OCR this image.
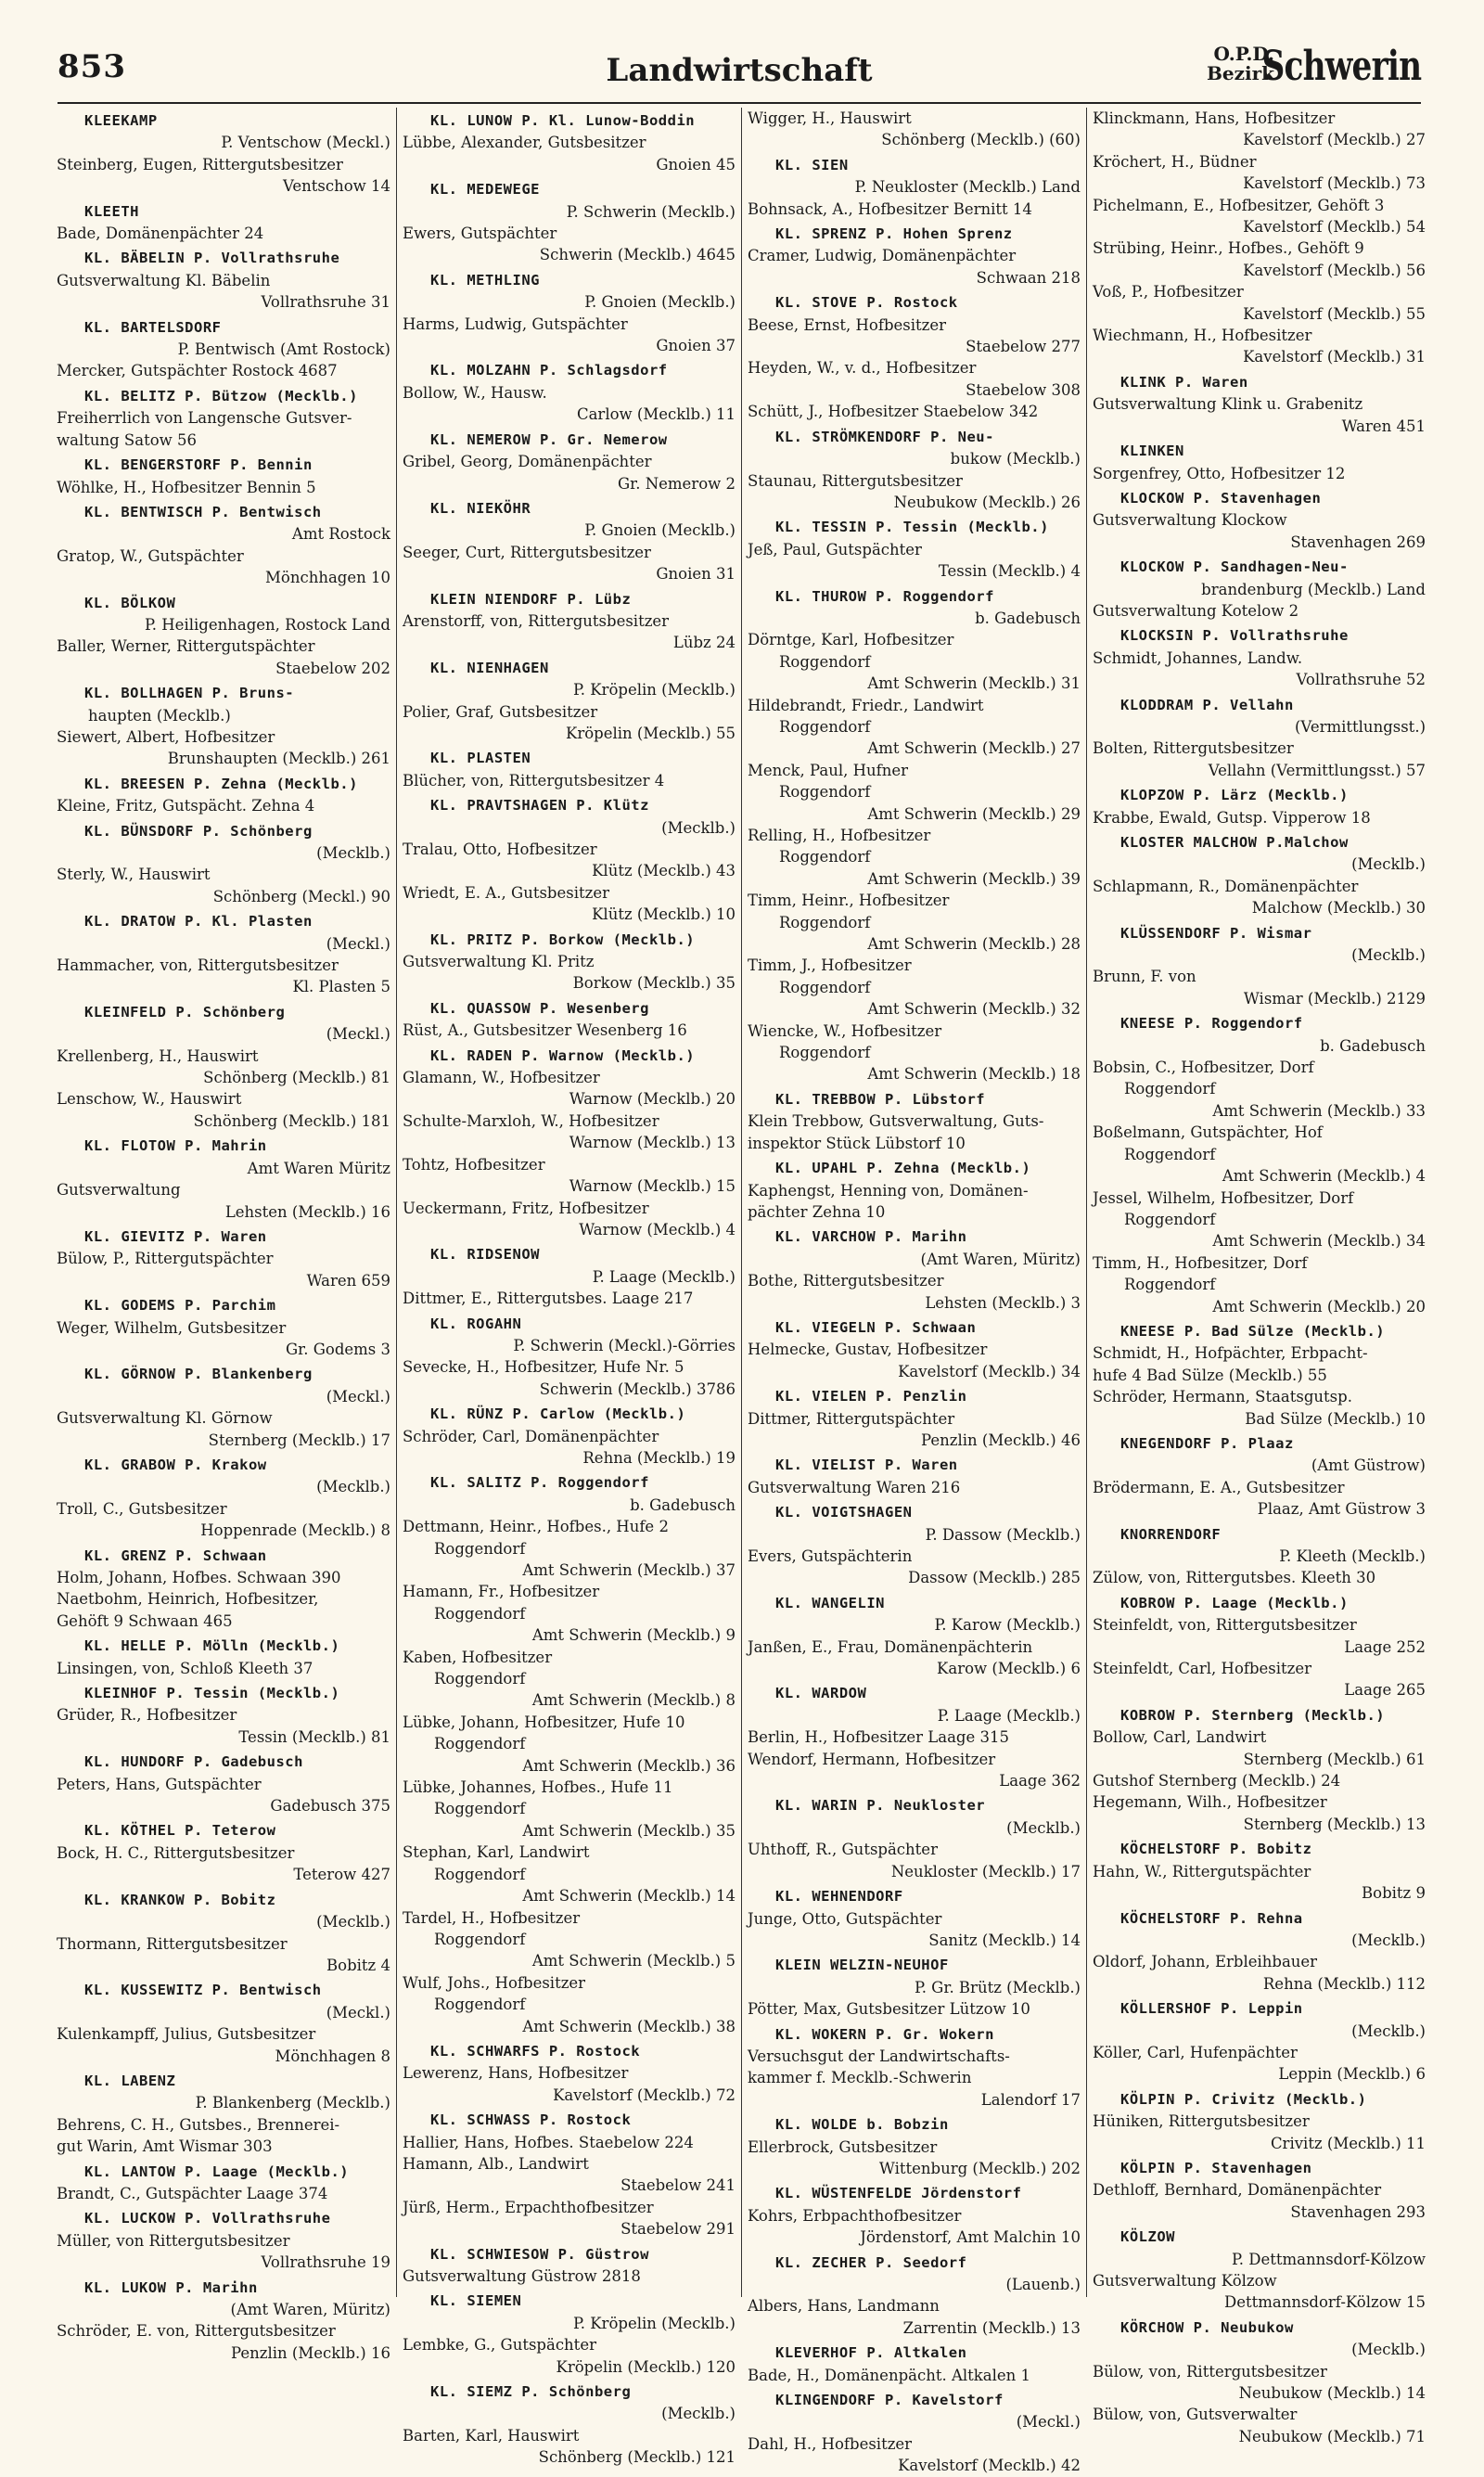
853	Landwirtschaft	O.P.D.
Bezirk
Schwerin
KLEEKAMP
P. Ventschow (Meckl.)
Steinberg, Eugen, Rittergutsbesitzer
Ventschow 14
KLEETH
Bade, Domänenpächter 24
KL. BÄBELIN P. Vollrathsruhe
Gutsverwaltung Kl. Bäbelin
Vollrathsruhe 31
KL. BARTELSDORF
P. Bentwisch (Amt Rostock)
Mercker, Gutspächter Rostock 4687
KL. BELITZ P. Bützow (Mecklb.)
Freiherrlich von Langensche Gutsver-
waltung Satow 56
KL. BENGERSTORF P. Bennin
Wöhlke, H., Hofbesitzer Bennin 5
KL. BENTWISCH P. Bentwisch
Amt Rostock
Gratop, W., Gutspächter
Mönchhagen 10
KL. BÖLKOW
P. Heiligenhagen, Rostock Land
Baller, Werner, Rittergutspächter
Staebelow 202
KL. BOLLHAGEN P. Bruns-
haupten (Mecklb.)
Siewert, Albert, Hofbesitzer
Brunshaupten (Mecklb.) 261
KL. BREESEN P. Zehna (Mecklb.)
Kleine, Fritz, Gutspächt. Zehna 4
KL. BÜNSDORF P. Schönberg
(Mecklb.)
Sterly, W., Hauswirt
Schönberg (Meckl.) 90
KL. DRATOW P. Kl. Plasten
(Meckl.)
Hammacher, von, Rittergutsbesitzer
Kl. Plasten 5
KLEINFELD P. Schönberg
(Meckl.)
Krellenberg, H., Hauswirt
Schönberg (Mecklb.) 81
Lenschow, W., Hauswirt
Schönberg (Mecklb.) 181
KL. FLOTOW P. Mahrin
Amt Waren Müritz
Gutsverwaltung
Lehsten (Mecklb.) 16
KL. GIEVITZ P. Waren
Bülow, P., Rittergutspächter
Waren 659
KL. GODEMS P. Parchim
Weger, Wilhelm, Gutsbesitzer
Gr. Godems 3
KL. GÖRNOW P. Blankenberg
(Meckl.)
Gutsverwaltung Kl. Görnow
Sternberg (Mecklb.) 17
KL. GRABOW P. Krakow
(Mecklb.)
Troll, C., Gutsbesitzer
Hoppenrade (Mecklb.) 8
KL. GRENZ P. Schwaan
Holm, Johann, Hofbes. Schwaan 390
Naetbohm, Heinrich, Hofbesitzer,
Gehöft 9 Schwaan 465
KL. HELLE P. Mölln (Mecklb.)
Linsingen, von, Schloß Kleeth 37
KLEINHOF P. Tessin (Mecklb.)
Grüder, R., Hofbesitzer
Tessin (Mecklb.) 81
KL. HUNDORF P. Gadebusch
Peters, Hans, Gutspächter
Gadebusch 375
KL. KÖTHEL P. Teterow
Bock, H. C., Rittergutsbesitzer
Teterow 427
KL. KRANKOW P. Bobitz
(Mecklb.)
Thormann, Rittergutsbesitzer
Bobitz 4
KL. KUSSEWITZ P. Bentwisch
(Meckl.)
Kulenkampff, Julius, Gutsbesitzer
Mönchhagen 8
KL. LABENZ
P. Blankenberg (Mecklb.)
Behrens, C. H., Gutsbes., Brennerei-
gut Warin, Amt Wismar 303
KL. LANTOW P. Laage (Mecklb.)
Brandt, C., Gutspächter Laage 374
KL. LUCKOW P. Vollrathsruhe
Müller, von Rittergutsbesitzer
Vollrathsruhe 19
KL. LUKOW P. Marihn
(Amt Waren, Müritz)
Schröder, E. von, Rittergutsbesitzer
Penzlin (Mecklb.) 16
KL. LUNOW P. Kl. Lunow-Boddin
Lübbe, Alexander, Gutsbesitzer
Gnoien 45
KL. MEDEWEGE
P. Schwerin (Mecklb.)
Ewers, Gutspächter
Schwerin (Mecklb.) 4645
KL. METHLING
P. Gnoien (Mecklb.)
Harms, Ludwig, Gutspächter
Gnoien 37
KL. MOLZAHN P. Schlagsdorf
Bollow, W., Hausw.
Carlow (Mecklb.) 11
KL. NEMEROW P. Gr. Nemerow
Gribel, Georg, Domänenpächter
Gr. Nemerow 2
KL. NIEKÖHR
P. Gnoien (Mecklb.)
Seeger, Curt, Rittergutsbesitzer
Gnoien 31
KLEIN NIENDORF P. Lübz
Arenstorff, von, Rittergutsbesitzer
Lübz 24
KL. NIENHAGEN
P. Kröpelin (Mecklb.)
Polier, Graf, Gutsbesitzer
Kröpelin (Mecklb.) 55
KL. PLASTEN
Blücher, von, Rittergutsbesitzer 4
KL. PRAVTSHAGEN P. Klütz
(Mecklb.)
Tralau, Otto, Hofbesitzer
Klütz (Mecklb.) 43
Wriedt, E. A., Gutsbesitzer
Klütz (Mecklb.) 10
KL. PRITZ P. Borkow (Mecklb.)
Gutsverwaltung Kl. Pritz
Borkow (Mecklb.) 35
KL. QUASSOW P. Wesenberg
Rüst, A., Gutsbesitzer Wesenberg 16
KL. RADEN P. Warnow (Mecklb.)
Glamann, W., Hofbesitzer
Warnow (Mecklb.) 20
Schulte-Marxloh, W., Hofbesitzer
Warnow (Mecklb.) 13
Tohtz, Hofbesitzer
Warnow (Mecklb.) 15
Ueckermann, Fritz, Hofbesitzer
Warnow (Mecklb.) 4
KL. RIDSENOW
P. Laage (Mecklb.)
Dittmer, E., Rittergutsbes. Laage 217
KL. ROGAHN
P. Schwerin (Meckl.)-Görries
Sevecke, H., Hofbesitzer, Hufe Nr. 5
Schwerin (Mecklb.) 3786
KL. RÜNZ P. Carlow (Mecklb.)
Schröder, Carl, Domänenpächter
Rehna (Mecklb.) 19
KL. SALITZ P. Roggendorf
b. Gadebusch
Dettmann, Heinr., Hofbes., Hufe 2
Roggendorf
Amt Schwerin (Mecklb.) 37
Hamann, Fr., Hofbesitzer
Roggendorf
Amt Schwerin (Mecklb.) 9
Kaben, Hofbesitzer
Roggendorf
Amt Schwerin (Mecklb.) 8
Lübke, Johann, Hofbesitzer, Hufe 10
Roggendorf
Amt Schwerin (Mecklb.) 36
Lübke, Johannes, Hofbes., Hufe 11
Roggendorf
Amt Schwerin (Mecklb.) 35
Stephan, Karl, Landwirt
Roggendorf
Amt Schwerin (Mecklb.) 14
Tardel, H., Hofbesitzer
Roggendorf
Amt Schwerin (Mecklb.) 5
Wulf, Johs., Hofbesitzer
Roggendorf
Amt Schwerin (Mecklb.) 38
KL. SCHWARFS P. Rostock
Lewerenz, Hans, Hofbesitzer
Kavelstorf (Mecklb.) 72
KL. SCHWASS P. Rostock
Hallier, Hans, Hofbes. Staebelow 224
Hamann, Alb., Landwirt
Staebelow 241
Jürß, Herm., Erpachthofbesitzer
Staebelow 291
KL. SCHWIESOW P. Güstrow
Gutsverwaltung Güstrow 2818
KL. SIEMEN
P. Kröpelin (Mecklb.)
Lembke, G., Gutspächter
Kröpelin (Mecklb.) 120
KL. SIEMZ P. Schönberg
(Mecklb.)
Barten, Karl, Hauswirt
Schönberg (Mecklb.) 121
Wigger, H., Hauswirt
Schönberg (Mecklb.) (60)
KL. SIEN
P. Neukloster (Mecklb.) Land
Bohnsack, A., Hofbesitzer Bernitt 14
KL. SPRENZ P. Hohen Sprenz
Cramer, Ludwig, Domänenpächter
Schwaan 218
KL. STOVE P. Rostock
Beese, Ernst, Hofbesitzer
Staebelow 277
Heyden, W., v. d., Hofbesitzer
Staebelow 308
Schütt, J., Hofbesitzer Staebelow 342
KL. STRÖMKENDORF P. Neu-
bukow (Mecklb.)
Staunau, Rittergutsbesitzer
Neubukow (Mecklb.) 26
KL. TESSIN P. Tessin (Mecklb.)
Jeß, Paul, Gutspächter
Tessin (Mecklb.) 4
KL. THUROW P. Roggendorf
b. Gadebusch
Dörntge, Karl, Hofbesitzer
Roggendorf
Amt Schwerin (Mecklb.) 31
Hildebrandt, Friedr., Landwirt
Roggendorf
Amt Schwerin (Mecklb.) 27
Menck, Paul, Hufner
Roggendorf
Amt Schwerin (Mecklb.) 29
Relling, H., Hofbesitzer
Roggendorf
Amt Schwerin (Mecklb.) 39
Timm, Heinr., Hofbesitzer
Roggendorf
Amt Schwerin (Mecklb.) 28
Timm, J., Hofbesitzer
Roggendorf
Amt Schwerin (Mecklb.) 32
Wiencke, W., Hofbesitzer
Roggendorf
Amt Schwerin (Mecklb.) 18
KL. TREBBOW P. Lübstorf
Klein Trebbow, Gutsverwaltung, Guts-
inspektor Stück Lübstorf 10
KL. UPAHL P. Zehna (Mecklb.)
Kaphengst, Henning von, Domänen-
pächter Zehna 10
KL. VARCHOW P. Marihn
(Amt Waren, Müritz)
Bothe, Rittergutsbesitzer
Lehsten (Mecklb.) 3
KL. VIEGELN P. Schwaan
Helmecke, Gustav, Hofbesitzer
Kavelstorf (Mecklb.) 34
KL. VIELEN P. Penzlin
Dittmer, Rittergutspächter
Penzlin (Mecklb.) 46
KL. VIELIST P. Waren
Gutsverwaltung Waren 216
KL. VOIGTSHAGEN
P. Dassow (Mecklb.)
Evers, Gutspächterin
Dassow (Mecklb.) 285
KL. WANGELIN
P. Karow (Mecklb.)
Janßen, E., Frau, Domänenpächterin
Karow (Mecklb.) 6
KL. WARDOW
P. Laage (Mecklb.)
Berlin, H., Hofbesitzer Laage 315
Wendorf, Hermann, Hofbesitzer
Laage 362
KL. WARIN P. Neukloster
(Mecklb.)
Uhthoff, R., Gutspächter
Neukloster (Mecklb.) 17
KL. WEHNENDORF
Junge, Otto, Gutspächter
Sanitz (Mecklb.) 14
KLEIN WELZIN-NEUHOF
P. Gr. Brütz (Mecklb.)
Pötter, Max, Gutsbesitzer Lützow 10
KL. WOKERN P. Gr. Wokern
Versuchsgut der Landwirtschafts-
kammer f. Mecklb.-Schwerin
Lalendorf 17
KL. WOLDE b. Bobzin
Ellerbrock, Gutsbesitzer
Wittenburg (Mecklb.) 202
KL. WÜSTENFELDE Jördenstorf
Kohrs, Erbpachthofbesitzer
Jördenstorf, Amt Malchin 10
KL. ZECHER P. Seedorf
(Lauenb.)
Albers, Hans, Landmann
Zarrentin (Mecklb.) 13
KLEVERHOF P. Altkalen
Bade, H., Domänenpächt. Altkalen 1
KLINGENDORF P. Kavelstorf
(Meckl.)
Dahl, H., Hofbesitzer
Kavelstorf (Mecklb.) 42
Klinckmann, Hans, Hofbesitzer
Kavelstorf (Mecklb.) 27
Kröchert, H., Büdner
Kavelstorf (Mecklb.) 73
Pichelmann, E., Hofbesitzer, Gehöft 3
Kavelstorf (Mecklb.) 54
Strübing, Heinr., Hofbes., Gehöft 9
Kavelstorf (Mecklb.) 56
Voß, P., Hofbesitzer
Kavelstorf (Mecklb.) 55
Wiechmann, H., Hofbesitzer
Kavelstorf (Mecklb.) 31
KLINK P. Waren
Gutsverwaltung Klink u. Grabenitz
Waren 451
KLINKEN
Sorgenfrey, Otto, Hofbesitzer 12
KLOCKOW P. Stavenhagen
Gutsverwaltung Klockow
Stavenhagen 269
KLOCKOW P. Sandhagen-Neu-
brandenburg (Mecklb.) Land
Gutsverwaltung Kotelow 2
KLOCKSIN P. Vollrathsruhe
Schmidt, Johannes, Landw.
Vollrathsruhe 52
KLODDRAM P. Vellahn
(Vermittlungsst.)
Bolten, Rittergutsbesitzer
Vellahn (Vermittlungsst.) 57
KLOPZOW P. Lärz (Mecklb.)
Krabbe, Ewald, Gutsp. Vipperow 18
KLOSTER MALCHOW P.Malchow
(Mecklb.)
Schlapmann, R., Domänenpächter
Malchow (Mecklb.) 30
KLÜSSENDORF P. Wismar
(Mecklb.)
Brunn, F. von
Wismar (Mecklb.) 2129
KNEESE P. Roggendorf
b. Gadebusch
Bobsin, C., Hofbesitzer, Dorf
Roggendorf
Amt Schwerin (Mecklb.) 33
Boßelmann, Gutspächter, Hof
Roggendorf
Amt Schwerin (Mecklb.) 4
Jessel, Wilhelm, Hofbesitzer, Dorf
Roggendorf
Amt Schwerin (Mecklb.) 34
Timm, H., Hofbesitzer, Dorf
Roggendorf
Amt Schwerin (Mecklb.) 20
KNEESE P. Bad Sülze (Mecklb.)
Schmidt, H., Hofpächter, Erbpacht-
hufe 4 Bad Sülze (Mecklb.) 55
Schröder, Hermann, Staatsgutsp.
Bad Sülze (Mecklb.) 10
KNEGENDORF P. Plaaz
(Amt Güstrow)
Brödermann, E. A., Gutsbesitzer
Plaaz, Amt Güstrow 3
KNORRENDORF
P. Kleeth (Mecklb.)
Zülow, von, Rittergutsbes. Kleeth 30
KOBROW P. Laage (Mecklb.)
Steinfeldt, von, Rittergutsbesitzer
Laage 252
Steinfeldt, Carl, Hofbesitzer
Laage 265
KOBROW P. Sternberg (Mecklb.)
Bollow, Carl, Landwirt
Sternberg (Mecklb.) 61
Gutshof Sternberg (Mecklb.) 24
Hegemann, Wilh., Hofbesitzer
Sternberg (Mecklb.) 13
KÖCHELSTORF P. Bobitz
Hahn, W., Rittergutspächter
Bobitz 9
KÖCHELSTORF P. Rehna
(Mecklb.)
Oldorf, Johann, Erbleihbauer
Rehna (Mecklb.) 112
KÖLLERSHOF P. Leppin
(Mecklb.)
Köller, Carl, Hufenpächter
Leppin (Mecklb.) 6
KÖLPIN P. Crivitz (Mecklb.)
Hüniken, Rittergutsbesitzer
Crivitz (Mecklb.) 11
KÖLPIN P. Stavenhagen
Dethloff, Bernhard, Domänenpächter
Stavenhagen 293
KÖLZOW
P. Dettmannsdorf-Kölzow
Gutsverwaltung Kölzow
Dettmannsdorf-Kölzow 15
KÖRCHOW P. Neubukow
(Mecklb.)
Bülow, von, Rittergutsbesitzer
Neubukow (Mecklb.) 14
Bülow, von, Gutsverwalter
Neubukow (Mecklb.) 71
